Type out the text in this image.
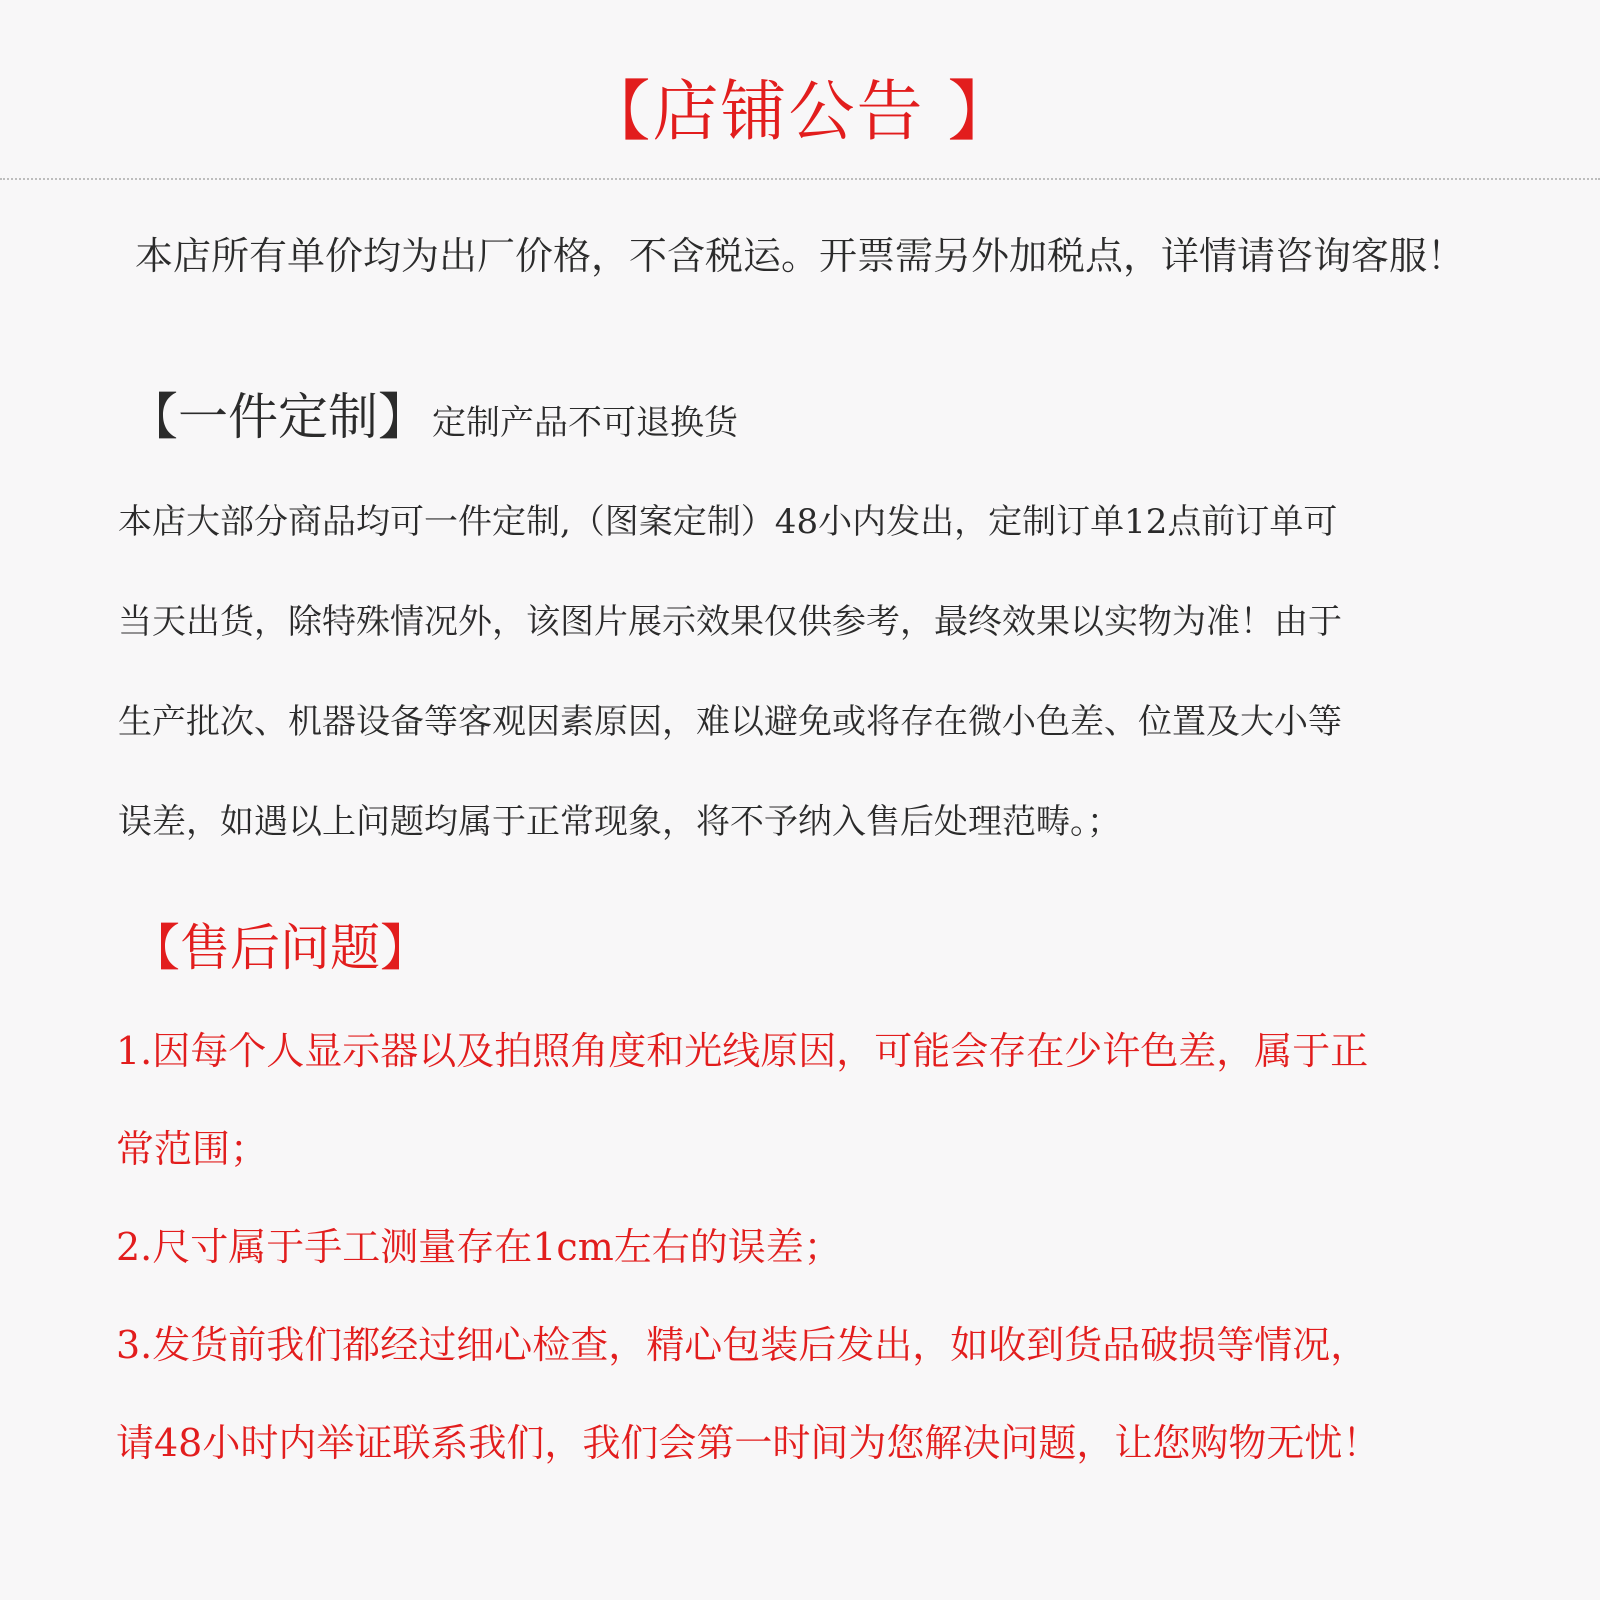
【店铺公告 】
本店所有单价均为出厂价格，不含税运。开票需另外加税点，详情请咨询客服！
【一件定制】 定制产品不可退换货
本店大部分商品均可一件定制,（图案定制）48小内发出，定制订单12点前订单可
当天出货，除特殊情况外，该图片展示效果仅供参考，最终效果以实物为准！由于
生产批次、机器设备等客观因素原因，难以避免或将存在微小色差、位置及大小等
误差，如遇以上问题均属于正常现象，将不予纳入售后处理范畴。；
【售后问题】
1.因每个人显示器以及拍照角度和光线原因，可能会存在少许色差，属于正
常范围；
2.尺寸属于手工测量存在1cm左右的误差；
3.发货前我们都经过细心检查，精心包装后发出，如收到货品破损等情况，
请48小时内举证联系我们，我们会第一时间为您解决问题，让您购物无忧！
